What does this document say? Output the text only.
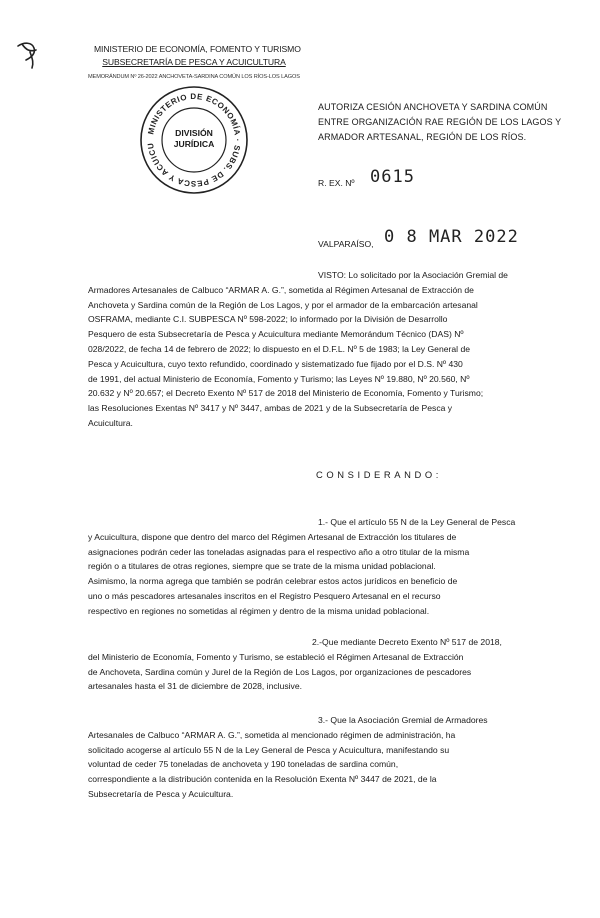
MINISTERIO DE ECONOMÍA, FOMENTO Y TURISMO
SUBSECRETARÍA DE PESCA Y ACUICULTURA
MEMORÁNDUM Nº 26-2022 ANCHOVETA-SARDINA COMÚN LOS RÍOS-LOS LAGOS
MINISTERIO DE ECONOMÍA · SUBS. DE PESCA Y ACUICU
DIVISIÓN
JURÍDICA
AUTORIZA CESIÓN ANCHOVETA Y SARDINA COMÚN
ENTRE ORGANIZACIÓN RAE REGIÓN DE LOS LAGOS Y
ARMADOR ARTESANAL, REGIÓN DE LOS RÍOS.
R. EX. Nº 0615
VALPARAÍSO, 0 8 MAR 2022

VISTO: Lo solicitado por la Asociación Gremial de

Armadores Artesanales de Calbuco “ARMAR A. G.”, sometida al Régimen Artesanal de Extracción de

Anchoveta y Sardina común de la Región de Los Lagos, y por el armador de la embarcación artesanal

OSFRAMA, mediante C.I. SUBPESCA Nº 598-2022; lo informado por la División de Desarrollo

Pesquero de esta Subsecretaría de Pesca y Acuicultura mediante Memorándum Técnico (DAS) Nº

028/2022, de fecha 14 de febrero de 2022; lo dispuesto en el D.F.L. Nº 5 de 1983; la Ley General de

Pesca y Acuicultura, cuyo texto refundido, coordinado y sistematizado fue fijado por el D.S. Nº 430

de 1991, del actual Ministerio de Economía, Fomento y Turismo; las Leyes Nº 19.880, Nº 20.560, Nº

20.632 y Nº 20.657; el Decreto Exento Nº 517 de 2018 del Ministerio de Economía, Fomento y Turismo;

las Resoluciones Exentas Nº 3417 y Nº 3447, ambas de 2021 y de la Subsecretaría de Pesca y

Acuicultura.

CONSIDERANDO:

1.- Que el artículo 55 N de la Ley General de Pesca

y Acuicultura, dispone que dentro del marco del Régimen Artesanal de Extracción los titulares de

asignaciones podrán ceder las toneladas asignadas para el respectivo año a otro titular de la misma

región o a titulares de otras regiones, siempre que se trate de la misma unidad poblacional.

Asimismo, la norma agrega que también se podrán celebrar estos actos jurídicos en beneficio de

uno o más pescadores artesanales inscritos en el Registro Pesquero Artesanal en el recurso

respectivo en regiones no sometidas al régimen y dentro de la misma unidad poblacional.

2.-Que mediante Decreto Exento Nº 517 de 2018,

del Ministerio de Economía, Fomento y Turismo, se estableció el Régimen Artesanal de Extracción

de Anchoveta, Sardina común y Jurel de la Región de Los Lagos, por organizaciones de pescadores

artesanales hasta el 31 de diciembre de 2028, inclusive.

3.- Que la Asociación Gremial de Armadores

Artesanales de Calbuco “ARMAR A. G.”, sometida al mencionado régimen de administración, ha

solicitado acogerse al artículo 55 N de la Ley General de Pesca y Acuicultura, manifestando su

voluntad de ceder 75 toneladas de anchoveta y 190 toneladas de sardina común,

correspondiente a la distribución contenida en la Resolución Exenta Nº 3447 de 2021, de la

Subsecretaría de Pesca y Acuicultura.
